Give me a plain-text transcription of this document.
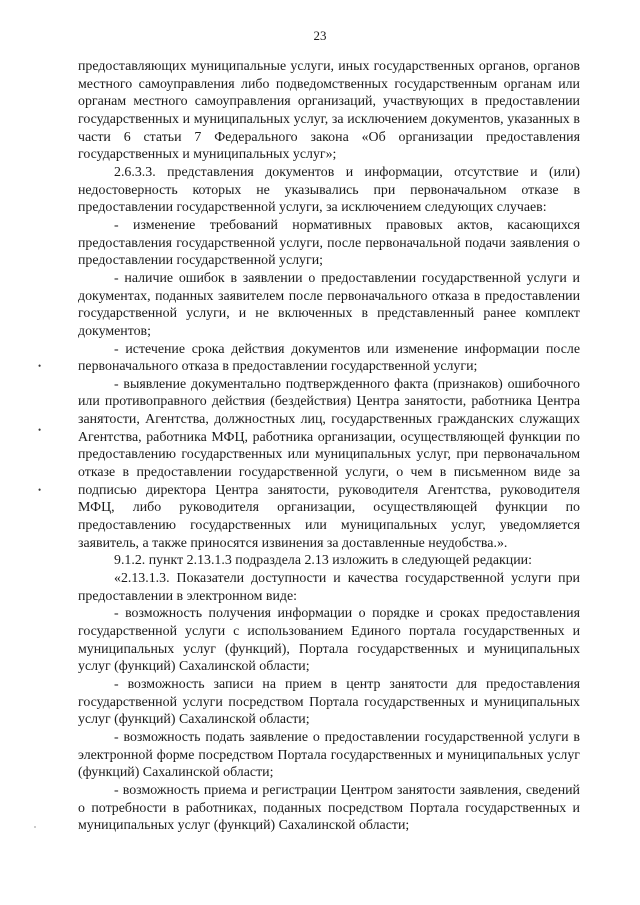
23
•
•
•

предоставляющих муниципальные услуги, иных государственных органов, органов местного самоуправления либо подведомственных государственным органам или органам местного самоуправления организаций, участвующих в предоставлении государственных и муниципальных услуг, за исключением документов, указанных в части 6 статьи 7 Федерального закона «Об организации предоставления государственных и муниципальных услуг»;

2.6.3.3. представления документов и информации, отсутствие и (или) недостоверность которых не указывались при первоначальном отказе в предоставлении государственной услуги, за исключением следующих случаев:

- изменение требований нормативных правовых актов, касающихся предоставления государственной услуги, после первоначальной подачи заявления о предоставлении государственной услуги;

- наличие ошибок в заявлении о предоставлении государственной услуги и документах, поданных заявителем после первоначального отказа в предоставлении государственной услуги, и не включенных в представленный ранее комплект документов;

- истечение срока действия документов или изменение информации после первоначального отказа в предоставлении государственной услуги;

- выявление документально подтвержденного факта (признаков) ошибочного или противоправного действия (бездействия) Центра занятости, работника Центра занятости, Агентства, должностных лиц, государственных гражданских служащих Агентства, работника МФЦ, работника организации, осуществляющей функции по предоставлению государственных или муниципальных услуг, при первоначальном отказе в предоставлении государственной услуги, о чем в письменном виде за подписью директора Центра занятости, руководителя Агентства, руководителя МФЦ, либо руководителя организации, осуществляющей функции по предоставлению государственных или муниципальных услуг, уведомляется заявитель, а также приносятся извинения за доставленные неудобства.».

9.1.2. пункт 2.13.1.3 подраздела 2.13 изложить в следующей редакции:

«2.13.1.3. Показатели доступности и качества государственной услуги при предоставлении в электронном виде:

- возможность получения информации о порядке и сроках предоставления государственной услуги с использованием Единого портала государственных и муниципальных услуг (функций), Портала государственных и муниципальных услуг (функций) Сахалинской области;

- возможность записи на прием в центр занятости для предоставления государственной услуги посредством Портала государственных и муниципальных услуг (функций) Сахалинской области;

- возможность подать заявление о предоставлении государственной услуги в электронной форме посредством Портала государственных и муниципальных услуг (функций) Сахалинской области;

- возможность приема и регистрации Центром занятости заявления, сведений о потребности в работниках, поданных посредством Портала государственных и муниципальных услуг (функций) Сахалинской области;
